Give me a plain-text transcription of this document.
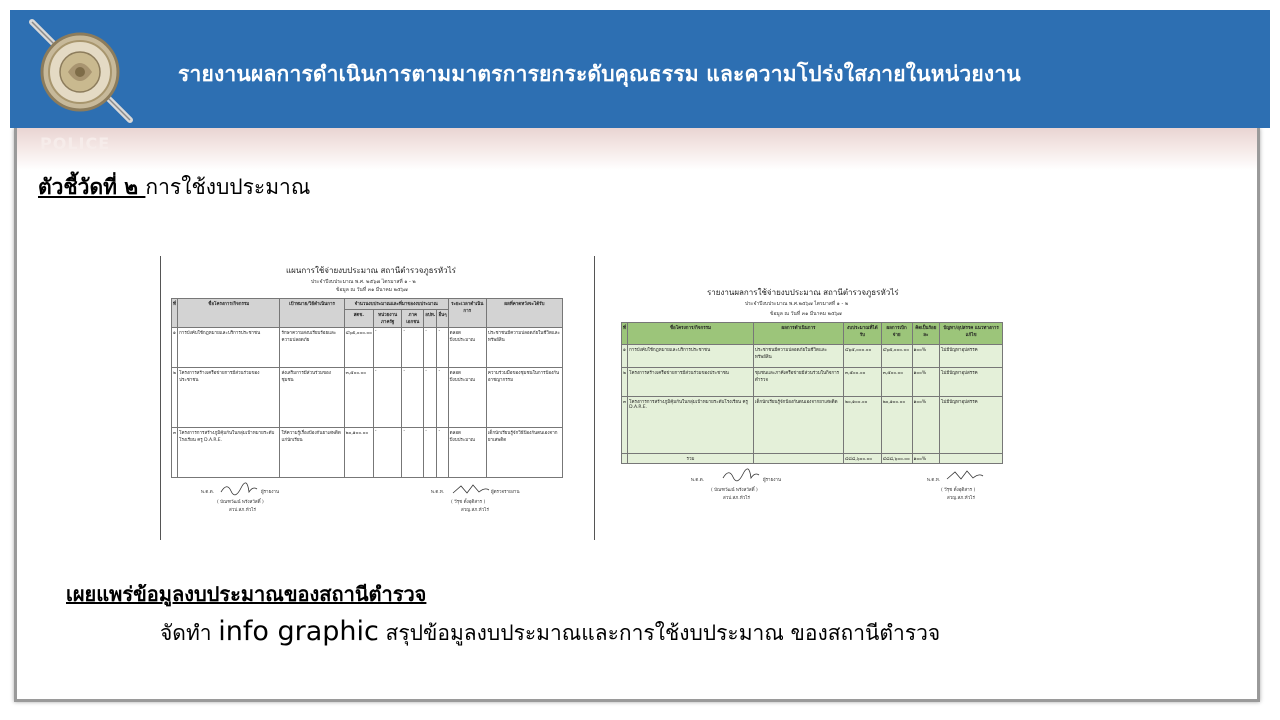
POLICE
รายงานผลการดำเนินการตามมาตรการยกระดับคุณธรรม และความโปร่งใสภายในหน่วยงาน
ตัวชี้วัดที่ ๒ การใช้งบประมาณ
แผนการใช้จ่ายงบประมาณ สถานีตำรวจภูธรหัวไร่
ประจำปีงบประมาณ พ.ศ. ๒๕๖๗ ไตรมาสที่ ๑ - ๒
ข้อมูล ณ วันที่ ๓๑ มีนาคม ๒๕๖๗
ที่	ชื่อโครงการ/กิจกรรม	เป้าหมาย/วิธีดำเนินการ	จำนวนงบประมาณและที่มาของงบประมาณ					ระยะเวลาดำเนินการ	ผลที่คาดหวังจะได้รับ
			สตช.	หน่วยงานภาครัฐ	ภาคเอกชน	อปท.	อื่นๆ		
๑	การบังคับใช้กฎหมายและบริการประชาชน	รักษาความสงบเรียบร้อยและความปลอดภัย	๔๖๕,๐๐๐.๐๐	-	-	-	-	ตลอดปีงบประมาณ	ประชาชนมีความปลอดภัยในชีวิตและทรัพย์สิน
๒	โครงการสร้างเครือข่ายการมีส่วนร่วมของประชาชน	ส่งเสริมการมีส่วนร่วมของชุมชน	๓,๕๐๐.๐๐	-	-	-	-	ตลอดปีงบประมาณ	ความร่วมมือของชุมชนในการป้องกันอาชญากรรม
๓	โครงการการสร้างภูมิคุ้มกันในกลุ่มเป้าหมายระดับโรงเรียน ครู D.A.R.E.	ให้ความรู้เรื่องป้องกันยาเสพติดแก่นักเรียน	๒๐,๑๐๐.๐๐	-	-	-	-	ตลอดปีงบประมาณ	เด็กนักเรียนรู้จักวิธีป้องกันตนเองจากยาเสพติด
พ.ต.ต.	ผู้รายงาน
( บัณฑวัฒน์ พรังสวัสดิ์ )
สวป.สภ.หัวไร่
พ.ต.ท.	ผู้ตรวจรายงาน
( วีรุช ดั้งอุดิสาร )
สวญ.สภ.หัวไร่
รายงานผลการใช้จ่ายงบประมาณ สถานีตำรวจภูธรหัวไร่
ประจำปีงบประมาณ พ.ศ.๒๕๖๗ ไตรมาสที่ ๑ - ๒
ข้อมูล ณ วันที่ ๓๑ มีนาคม ๒๕๖๗
ที่	ชื่อโครงการ/กิจกรรม	ผลการดำเนินการ	งบประมาณที่ได้รับ	ผลการเบิกจ่าย	คิดเป็นร้อยละ	ปัญหา/อุปสรรค แนวทางการแก้ไข
๑	การบังคับใช้กฎหมายและบริการประชาชน	ประชาชนมีความปลอดภัยในชีวิตและทรัพย์สิน	๔๖๕,๐๐๐.๐๐	๔๖๕,๐๐๐.๐๐	๑๐๐%	ไม่มีปัญหาอุปสรรค
๒	โครงการสร้างเครือข่ายการมีส่วนร่วมของประชาชน	ชุมชนและภาคีเครือข่ายมีส่วนร่วมในกิจการตำรวจ	๓,๕๐๐.๐๐	๓,๕๐๐.๐๐	๑๐๐%	ไม่มีปัญหาอุปสรรค
๓	โครงการการสร้างภูมิคุ้มกันในกลุ่มเป้าหมายระดับโรงเรียน ครู D.A.R.E.	เด็กนักเรียนรู้จักป้องกันตนเองจากยาเสพติด	๒๐,๑๐๐.๐๐	๒๐,๑๐๐.๐๐	๑๐๐%	ไม่มีปัญหาอุปสรรค
	รวม		๔๘๘,๖๐๐.๐๐	๔๘๘,๖๐๐.๐๐	๑๐๐%	
พ.ต.ต.	ผู้รายงาน
( บัณฑวัฒน์ พรังสวัสดิ์ )
สวป.สภ.หัวไร่
พ.ต.ท.
( วีรุช ดั้งอุดิสาร )
สวญ.สภ.หัวไร่
เผยแพร่ข้อมูลงบประมาณของสถานีตำรวจ
จัดทำ info graphic สรุปข้อมูลงบประมาณและการใช้งบประมาณ ของสถานีตำรวจ
